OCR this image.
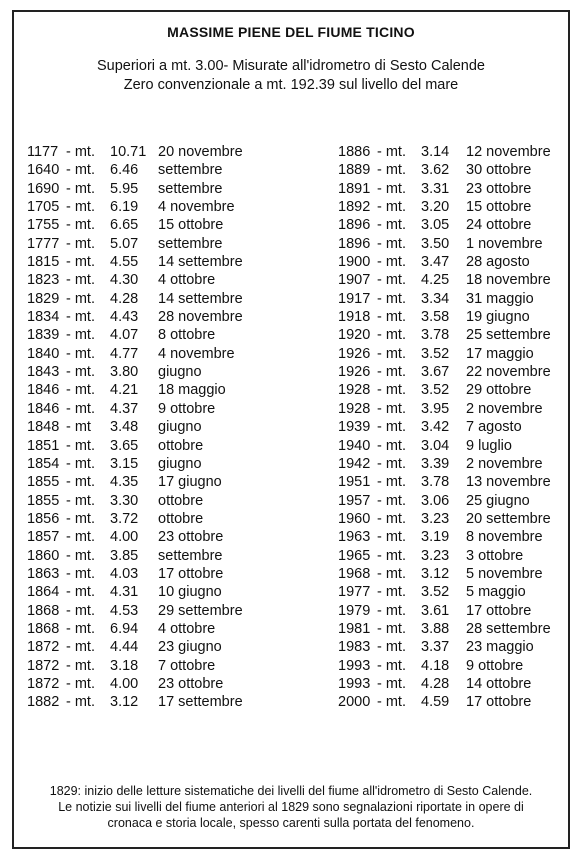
MASSIME PIENE DEL FIUME TICINO
Superiori a mt. 3.00- Misurate all'idrometro di Sesto Calende
Zero convenzionale a mt. 192.39 sul livello del mare
1177 - mt. 10.71 20 novembre
1640 - mt. 6.46 settembre
1690 - mt. 5.95 settembre
1705 - mt. 6.19 4 novembre
1755 - mt. 6.65 15 ottobre
1777 - mt. 5.07 settembre
1815 - mt. 4.55 14 settembre
1823 - mt. 4.30 4 ottobre
1829 - mt. 4.28 14 settembre
1834 - mt. 4.43 28 novembre
1839 - mt. 4.07 8 ottobre
1840 - mt. 4.77 4 novembre
1843 - mt. 3.80 giugno
1846 - mt. 4.21 18 maggio
1846 - mt. 4.37 9 ottobre
1848 - mt 3.48 giugno
1851 - mt. 3.65 ottobre
1854 - mt. 3.15 giugno
1855 - mt. 4.35 17 giugno
1855 - mt. 3.30 ottobre
1856 - mt. 3.72 ottobre
1857 - mt. 4.00 23 ottobre
1860 - mt. 3.85 settembre
1863 - mt. 4.03 17 ottobre
1864 - mt. 4.31 10 giugno
1868 - mt. 4.53 29 settembre
1868 - mt. 6.94 4 ottobre
1872 - mt. 4.44 23 giugno
1872 - mt. 3.18 7 ottobre
1872 - mt. 4.00 23 ottobre
1882 - mt. 3.12 17 settembre
1886 - mt. 3.14 12 novembre
1889 - mt. 3.62 30 ottobre
1891 - mt. 3.31 23 ottobre
1892 - mt. 3.20 15 ottobre
1896 - mt. 3.05 24 ottobre
1896 - mt. 3.50 1 novembre
1900 - mt. 3.47 28 agosto
1907 - mt. 4.25 18 novembre
1917 - mt. 3.34 31 maggio
1918 - mt. 3.58 19 giugno
1920 - mt. 3.78 25 settembre
1926 - mt. 3.52 17 maggio
1926 - mt. 3.67 22 novembre
1928 - mt. 3.52 29 ottobre
1928 - mt. 3.95 2 novembre
1939 - mt. 3.42 7 agosto
1940 - mt. 3.04 9 luglio
1942 - mt. 3.39 2 novembre
1951 - mt. 3.78 13 novembre
1957 - mt. 3.06 25 giugno
1960 - mt. 3.23 20 settembre
1963 - mt. 3.19 8 novembre
1965 - mt. 3.23 3 ottobre
1968 - mt. 3.12 5 novembre
1977 - mt. 3.52 5 maggio
1979 - mt. 3.61 17 ottobre
1981 - mt. 3.88 28 settembre
1983 - mt. 3.37 23 maggio
1993 - mt. 4.18 9 ottobre
1993 - mt. 4.28 14 ottobre
2000 - mt. 4.59 17 ottobre
1829: inizio delle letture sistematiche dei livelli del fiume all'idrometro di Sesto Calende.
Le notizie sui livelli del fiume anteriori al 1829 sono segnalazioni riportate in opere di
cronaca e storia locale, spesso carenti sulla portata del fenomeno.
